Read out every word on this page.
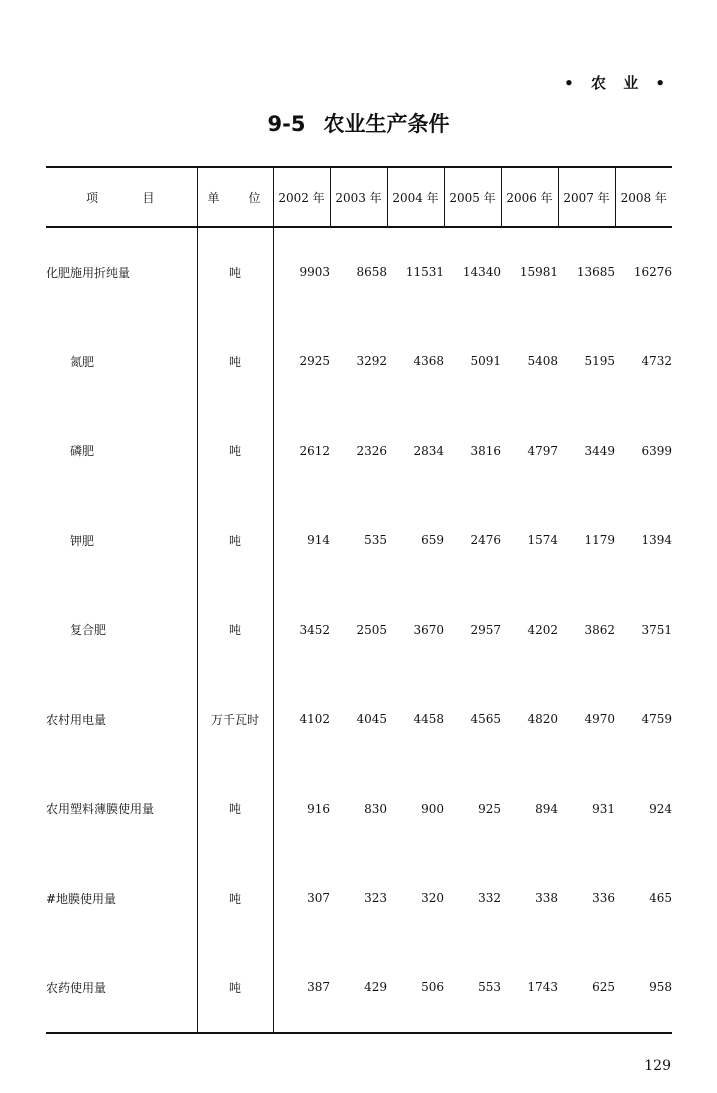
• 农 业 •
9-5 农业生产条件
项 目	单 位	2002 年	2003 年	2004 年	2005 年	2006 年	2007 年	2008 年
化肥施用折纯量	吨	9903	8658	11531	14340	15981	13685	16276
氮肥	吨	2925	3292	4368	5091	5408	5195	4732
磷肥	吨	2612	2326	2834	3816	4797	3449	6399
钾肥	吨	914	535	659	2476	1574	1179	1394
复合肥	吨	3452	2505	3670	2957	4202	3862	3751
农村用电量	万千瓦时	4102	4045	4458	4565	4820	4970	4759
农用塑料薄膜使用量	吨	916	830	900	925	894	931	924
#地膜使用量	吨	307	323	320	332	338	336	465
农药使用量	吨	387	429	506	553	1743	625	958
129
